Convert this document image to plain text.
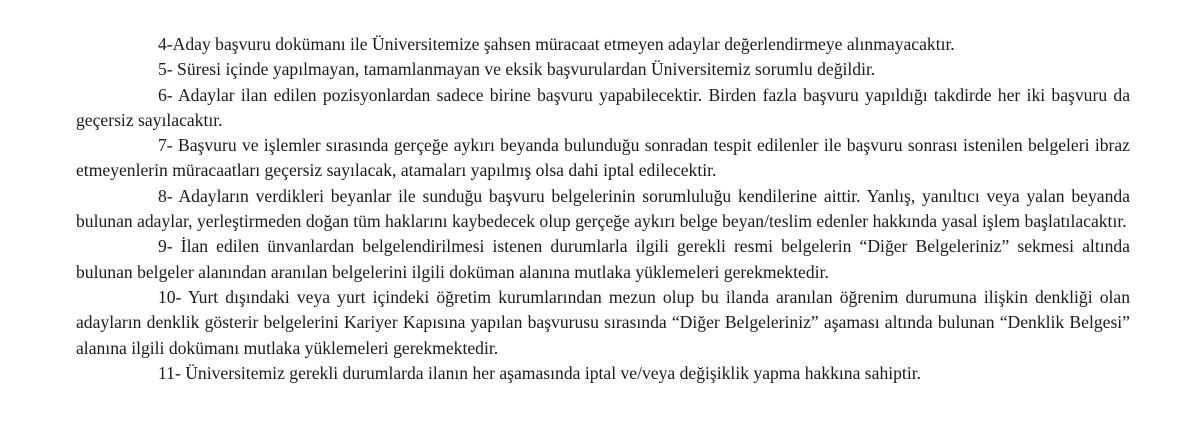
4-Aday başvuru dokümanı ile Üniversitemize şahsen müracaat etmeyen adaylar değerlendirmeye alınmayacaktır.

5- Süresi içinde yapılmayan, tamamlanmayan ve eksik başvurulardan Üniversitemiz sorumlu değildir.

6- Adaylar ilan edilen pozisyonlardan sadece birine başvuru yapabilecektir. Birden fazla başvuru yapıldığı takdirde her iki başvuru da geçersiz sayılacaktır.

7- Başvuru ve işlemler sırasında gerçeğe aykırı beyanda bulunduğu sonradan tespit edilenler ile başvuru sonrası istenilen belgeleri ibraz etmeyenlerin müracaatları geçersiz sayılacak, atamaları yapılmış olsa dahi iptal edilecektir.

8- Adayların verdikleri beyanlar ile sunduğu başvuru belgelerinin sorumluluğu kendilerine aittir. Yanlış, yanıltıcı veya yalan beyanda bulunan adaylar, yerleştirmeden doğan tüm haklarını kaybedecek olup gerçeğe aykırı belge beyan/teslim edenler hakkında yasal işlem başlatılacaktır.

9- İlan edilen ünvanlardan belgelendirilmesi istenen durumlarla ilgili gerekli resmi belgelerin “Diğer Belgeleriniz” sekmesi altında bulunan belgeler alanından aranılan belgelerini ilgili doküman alanına mutlaka yüklemeleri gerekmektedir.

10- Yurt dışındaki veya yurt içindeki öğretim kurumlarından mezun olup bu ilanda aranılan öğrenim durumuna ilişkin denkliği olan adayların denklik gösterir belgelerini Kariyer Kapısına yapılan başvurusu sırasında “Diğer Belgeleriniz” aşaması altında bulunan “Denklik Belgesi” alanına ilgili dokümanı mutlaka yüklemeleri gerekmektedir.

11- Üniversitemiz gerekli durumlarda ilanın her aşamasında iptal ve/veya değişiklik yapma hakkına sahiptir.
